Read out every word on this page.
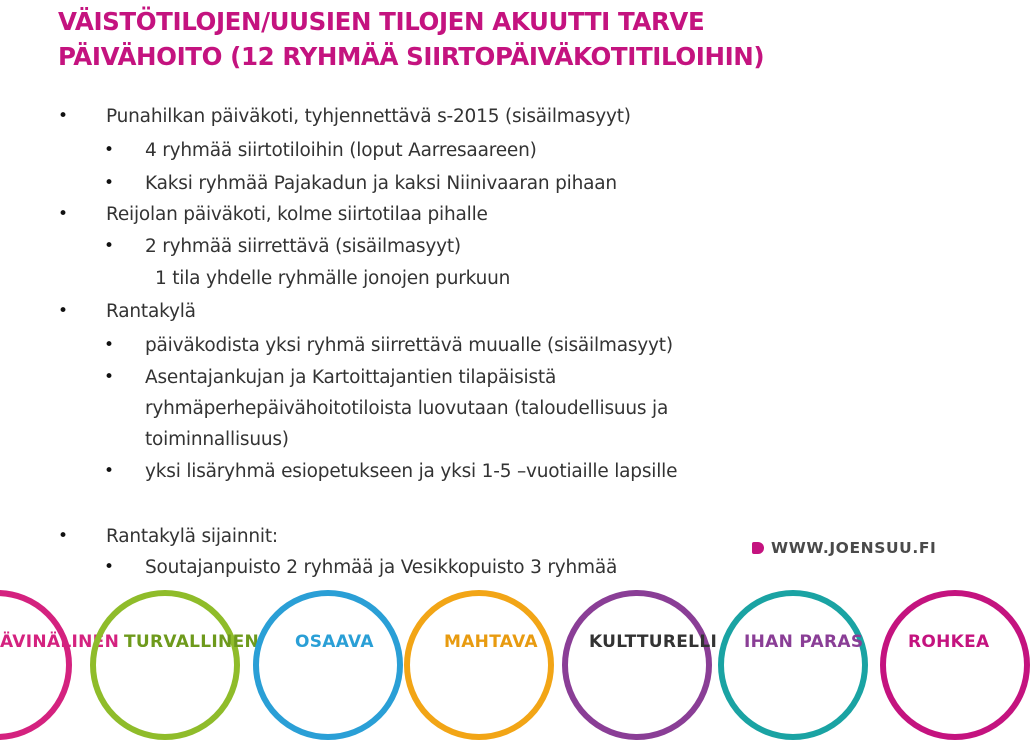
VÄISTÖTILOJEN/UUSIEN TILOJEN AKUUTTI TARVE
PÄIVÄHOITO (12 RYHMÄÄ SIIRTOPÄIVÄKOTITILOIHIN)
• Punahilkan päiväkoti, tyhjennettävä s-2015 (sisäilmasyyt)
• 4 ryhmää siirtotiloihin (loput Aarresaareen)
• Kaksi ryhmää Pajakadun ja kaksi Niinivaaran pihaan
• Reijolan päiväkoti, kolme siirtotilaa pihalle
• 2 ryhmää siirrettävä (sisäilmasyyt)
1 tila yhdelle ryhmälle jonojen purkuun
• Rantakylä
• päiväkodista yksi ryhmä siirrettävä muualle (sisäilmasyyt)
• Asentajankujan ja Kartoittajantien tilapäisistä
ryhmäperhepäivähoitotiloista luovutaan (taloudellisuus ja
toiminnallisuus)
• yksi lisäryhmä esiopetukseen ja yksi 1-5 –vuotiaille lapsille
• Rantakylä sijainnit:
• Soutajanpuisto 2 ryhmää ja Vesikkopuisto 3 ryhmää
WWW.JOENSUU.FI
ÄVINÄLINEN TURVALLINEN OSAAVA	MAHTAVA	KULTTURELLI IHAN PARAS	ROHKEA
